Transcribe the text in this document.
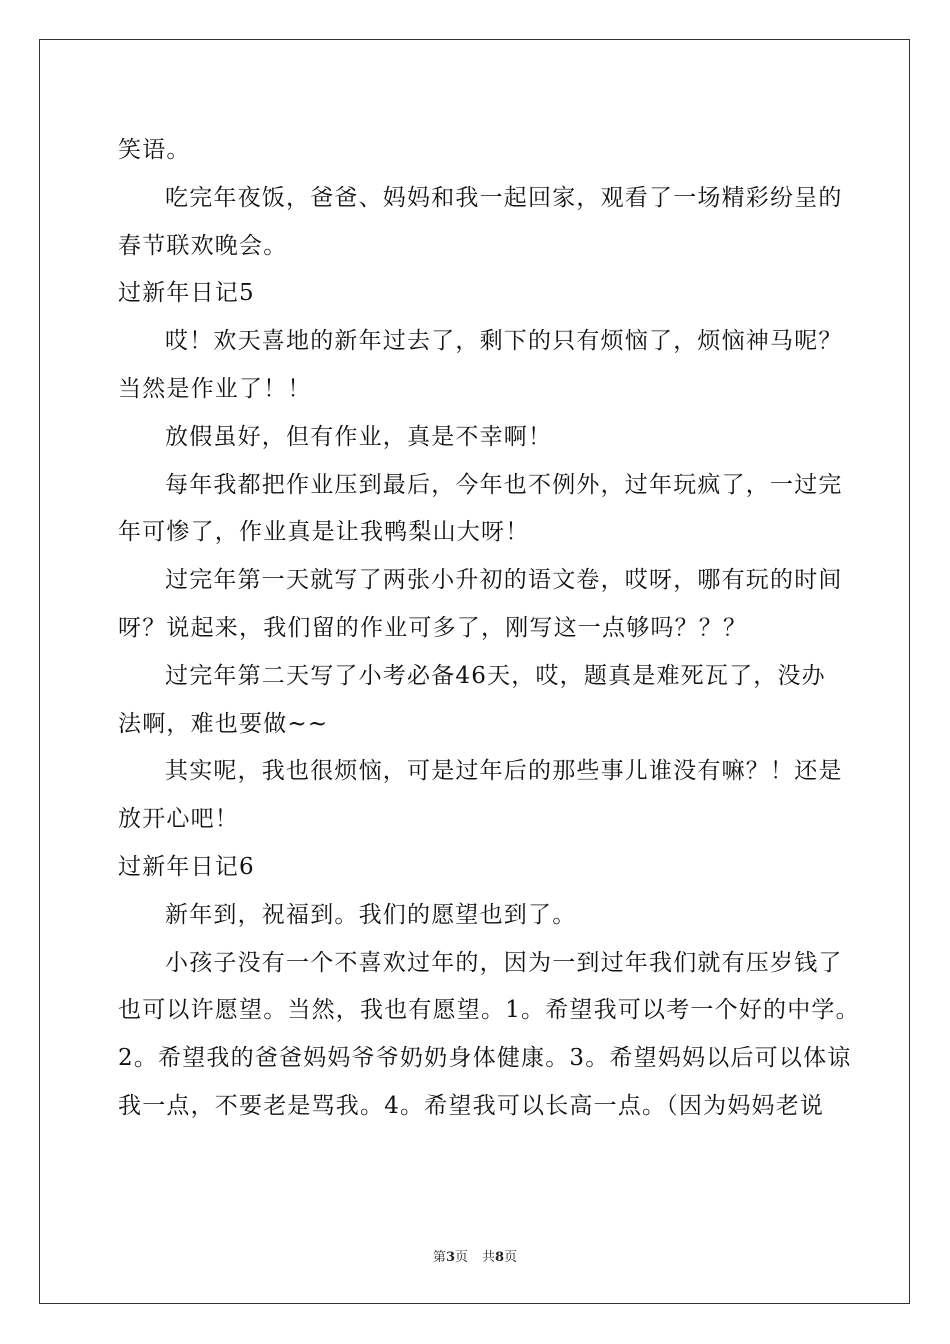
笑语。
吃完年夜饭，爸爸、妈妈和我一起回家，观看了一场精彩纷呈的
春节联欢晚会。
过新年日记5
哎！欢天喜地的新年过去了，剩下的只有烦恼了，烦恼神马呢？
当然是作业了！！
放假虽好，但有作业，真是不幸啊！
每年我都把作业压到最后，今年也不例外，过年玩疯了，一过完
年可惨了，作业真是让我鸭梨山大呀！
过完年第一天就写了两张小升初的语文卷，哎呀，哪有玩的时间
呀？说起来，我们留的作业可多了，刚写这一点够吗？？？
过完年第二天写了小考必备46天，哎，题真是难死瓦了，没办
法啊，难也要做~~
其实呢，我也很烦恼，可是过年后的那些事儿谁没有嘛？！还是
放开心吧！
过新年日记6
新年到，祝福到。我们的愿望也到了。
小孩子没有一个不喜欢过年的，因为一到过年我们就有压岁钱了
也可以许愿望。当然，我也有愿望。1。希望我可以考一个好的中学。
2。希望我的爸爸妈妈爷爷奶奶身体健康。3。希望妈妈以后可以体谅
我一点，不要老是骂我。4。希望我可以长高一点。（因为妈妈老说
第3页 共8页
